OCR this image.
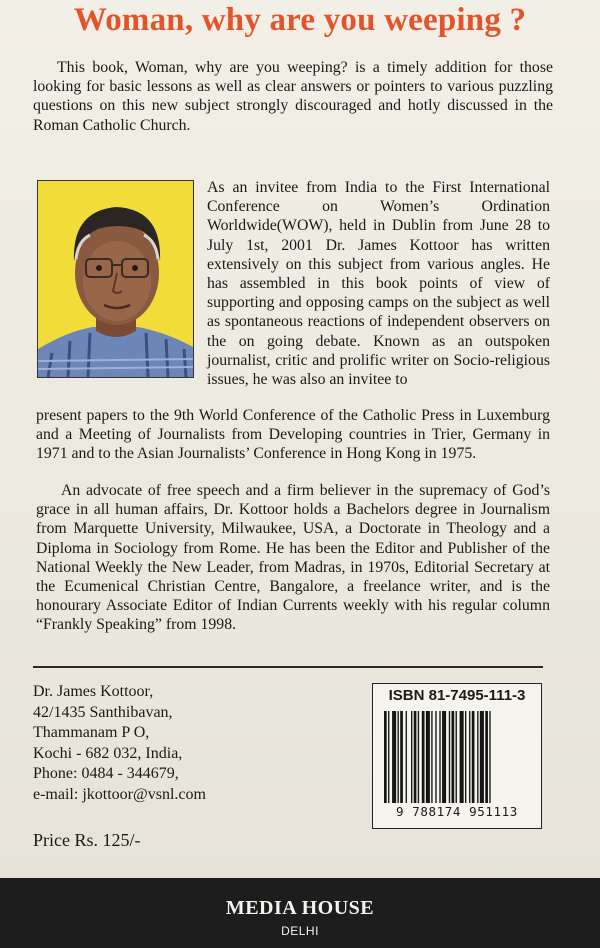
Woman, why are you weeping ?
This book, Woman, why are you weeping? is a timely addition for those looking for basic lessons as well as clear answers or pointers to various puzzling questions on this new subject strongly discouraged and hotly discussed in the Roman Catholic Church.
As an invitee from India to the First International Conference on Women’s Ordination Worldwide(WOW), held in Dublin from June 28 to July 1st, 2001 Dr. James Kottoor has written extensively on this subject from various angles. He has assembled in this book points of view of supporting and opposing camps on the subject as well as spontaneous reactions of independent observers on the on going debate. Known as an outspoken journalist, critic and prolific writer on Socio-religious issues, he was also an invitee to
present papers to the 9th World Conference of the Catholic Press in Luxemburg and a Meeting of Journalists from Developing countries in Trier, Germany in 1971 and to the Asian Journalists’ Conference in Hong Kong in 1975.
An advocate of free speech and a firm believer in the supremacy of God’s grace in all human affairs, Dr. Kottoor holds a Bachelors degree in Journalism from Marquette University, Milwaukee, USA, a Doctorate in Theology and a Diploma in Sociology from Rome. He has been the Editor and Publisher of the National Weekly the New Leader, from Madras, in 1970s, Editorial Secretary at the Ecumenical Christian Centre, Bangalore, a freelance writer, and is the honourary Associate Editor of Indian Currents weekly with his regular column “Frankly Speaking” from 1998.
Dr. James Kottoor,
42/1435 Santhibavan,
Thammanam P O,
Kochi - 682 032, India,
Phone: 0484 - 344679,
e-mail: jkottoor@vsnl.com
ISBN 81-7495-111-3
9 788174 951113
Price Rs. 125/-
MEDIA HOUSE
DELHI
